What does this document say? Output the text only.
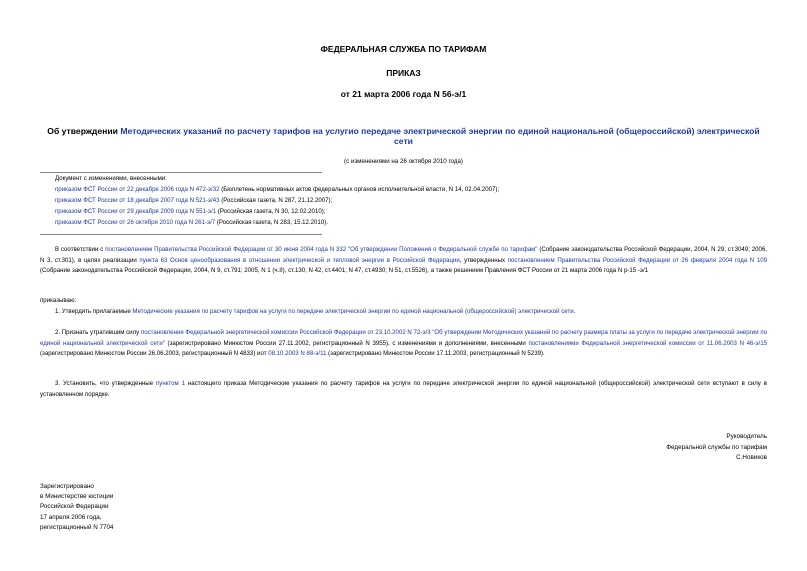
ФЕДЕРАЛЬНАЯ СЛУЖБА ПО ТАРИФАМ
ПРИКАЗ
от 21 марта 2006 года N 56-э/1
Об утверждении Методических указаний по расчету тарифов на услугиo передаче электрической энергии по единой национальной (общероссийской) электрической сети
(с изменениями на 26 октября 2010 года)
Документ с изменениями, внесенными:
приказом ФСТ России от 22 декабря 2006 года N 472-э/32 (Бюллетень нормативных актов федеральных органов исполнительной власти, N 14, 02.04.2007);
приказом ФСТ России от 18 декабря 2007 года N 521-э/43 (Российская газета, N 287, 21.12.2007);
приказом ФСТ России от 29 декабря 2009 года N 551-э/1 (Российская газета, N 30, 12.02.2010);
приказом ФСТ России от 26 октября 2010 года N 261-э/7 (Российская газета, N 283, 15.12.2010).
В соответствии с постановлением Правительства Российской Федерации от 30 июня 2004 года N 332 "Об утверждении Положения о Федеральной службе по тарифам" (Собрание законодательства Российской Федерации, 2004, N 29, ст.3049; 2006, N 3, ст.301), в целях реализации пункта 63 Основ ценообразования в отношении электрической и тепловой энергии в Российской Федерации, утвержденных постановлением Правительства Российской Федерации от 26 февраля 2004 года N 109 (Собрание законодательства Российской Федерации, 2004, N 9, ст.791; 2005, N 1 (ч.II), ст.130; N 42, ст.4401; N 47, ст.4930; N 51, ст.5526), а также решением Правления ФСТ России от 21 марта 2006 года N р-15 -э/1
приказываю:
1. Утвердить прилагаемые Методические указания по расчету тарифов на услуги по передаче электрической энергии по единой национальной (общероссийской) электрической сети.
2. Признать утратившим силу постановление Федеральной энергетической комиссии Российской Федерации от 23.10.2002 N 72-э/3 "Об утверждении Методических указаний по расчету размера платы за услуги по передаче электрической энергии по единой национальной электрической сети" (зарегистрировано Минюстом России 27.11.2002, регистрационный N 3955), с изменениями и дополнениями, внесенными постановлениями Федеральной энергетической комиссии от 11.06.2003 N 46-э/15 (зарегистрировано Минюстом России 26.06.2003, регистрационный N 4833) иот 08.10.2003 N 88-э/11 (зарегистрировано Минюстом России 17.11.2003, регистрационный N 5239).
3. Установить, что утвержденные пунктом 1 настоящего приказа Методические указания по расчету тарифов на услуги по передаче электрической энергии по единой национальной (общероссийской) электрической сети вступают в силу в установленном порядке.
Руководитель
Федеральной службы по тарифам
С.Новиков
Зарегистрировано
в Министерстве юстиции
Российской Федерации
17 апреля 2006 года,
регистрационный N 7704
